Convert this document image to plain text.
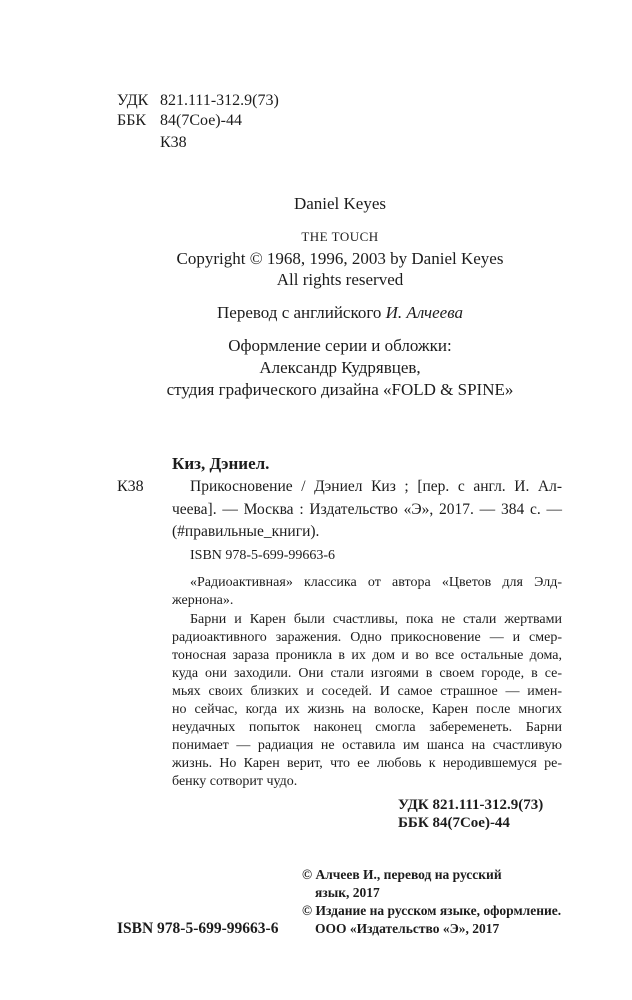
УДК 821.111-312.9(73)
ББК 84(7Сое)-44
К38
Daniel Keyes
THE TOUCH
Copyright © 1968, 1996, 2003 by Daniel Keyes
All rights reserved
Перевод с английского И. Алчеева
Оформление серии и обложки:
Александр Кудрявцев,
студия графического дизайна «FOLD & SPINE»
Киз, Дэниел.
К38	Прикосновение / Дэниел Киз ; [пер. с англ. И. Ал-
чеева]. — Москва : Издательство «Э», 2017. — 384 с. —
(#правильные_книги).
ISBN 978-5-699-99663-6
«Радиоактивная» классика от автора «Цветов для Элд-
жернона».
Барни и Карен были счастливы, пока не стали жертвами
радиоактивного заражения. Одно прикосновение — и смер-
тоносная зараза проникла в их дом и во все остальные дома,
куда они заходили. Они стали изгоями в своем городе, в се-
мьях своих близких и соседей. И самое страшное — имен-
но сейчас, когда их жизнь на волоске, Карен после многих
неудачных попыток наконец смогла забеременеть. Барни
понимает — радиация не оставила им шанса на счастливую
жизнь. Но Карен верит, что ее любовь к неродившемуся ре-
бенку сотворит чудо.
УДК 821.111-312.9(73)
ББК 84(7Сое)-44
© Алчеев И., перевод на русский
язык, 2017
© Издание на русском языке, оформление.
ООО «Издательство «Э», 2017
ISBN 978-5-699-99663-6
